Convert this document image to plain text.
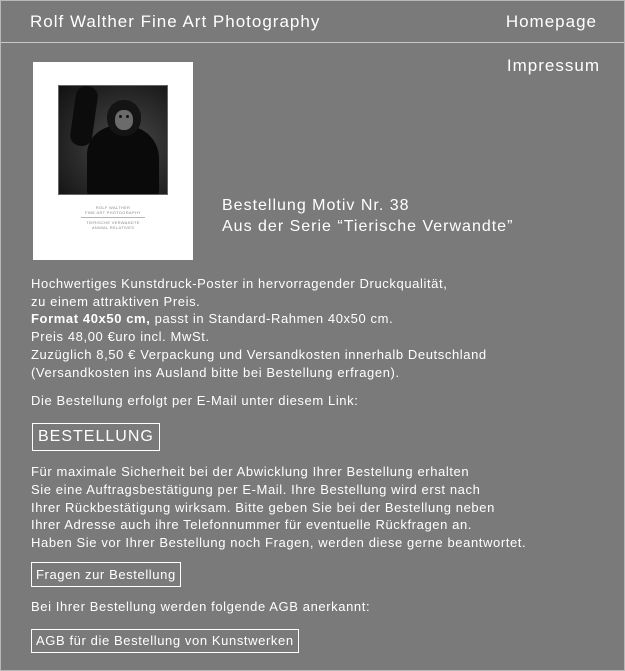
Rolf Walther Fine Art Photography	Homepage
Impressum
ROLF WALTHER
FINE ART PHOTOGRAPHY
TIERISCHE VERWANDTE
ANIMAL RELATIVES
Bestellung Motiv Nr. 38
Aus der Serie “Tierische Verwandte”
Hochwertiges Kunstdruck-Poster in hervorragender Druckqualität,
zu einem attraktiven Preis.
Format 40x50 cm, passt in Standard-Rahmen 40x50 cm.
Preis 48,00 €uro incl. MwSt.
Zuzüglich 8,50 € Verpackung und Versandkosten innerhalb Deutschland
(Versandkosten ins Ausland bitte bei Bestellung erfragen).
Die Bestellung erfolgt per E-Mail unter diesem Link:
BESTELLUNG
Für maximale Sicherheit bei der Abwicklung Ihrer Bestellung erhalten
Sie eine Auftragsbestätigung per E-Mail. Ihre Bestellung wird erst nach
Ihrer Rückbestätigung wirksam. Bitte geben Sie bei der Bestellung neben
Ihrer Adresse auch ihre Telefonnummer für eventuelle Rückfragen an.
Haben Sie vor Ihrer Bestellung noch Fragen, werden diese gerne beantwortet.
Fragen zur Bestellung
Bei Ihrer Bestellung werden folgende AGB anerkannt:
AGB für die Bestellung von Kunstwerken
